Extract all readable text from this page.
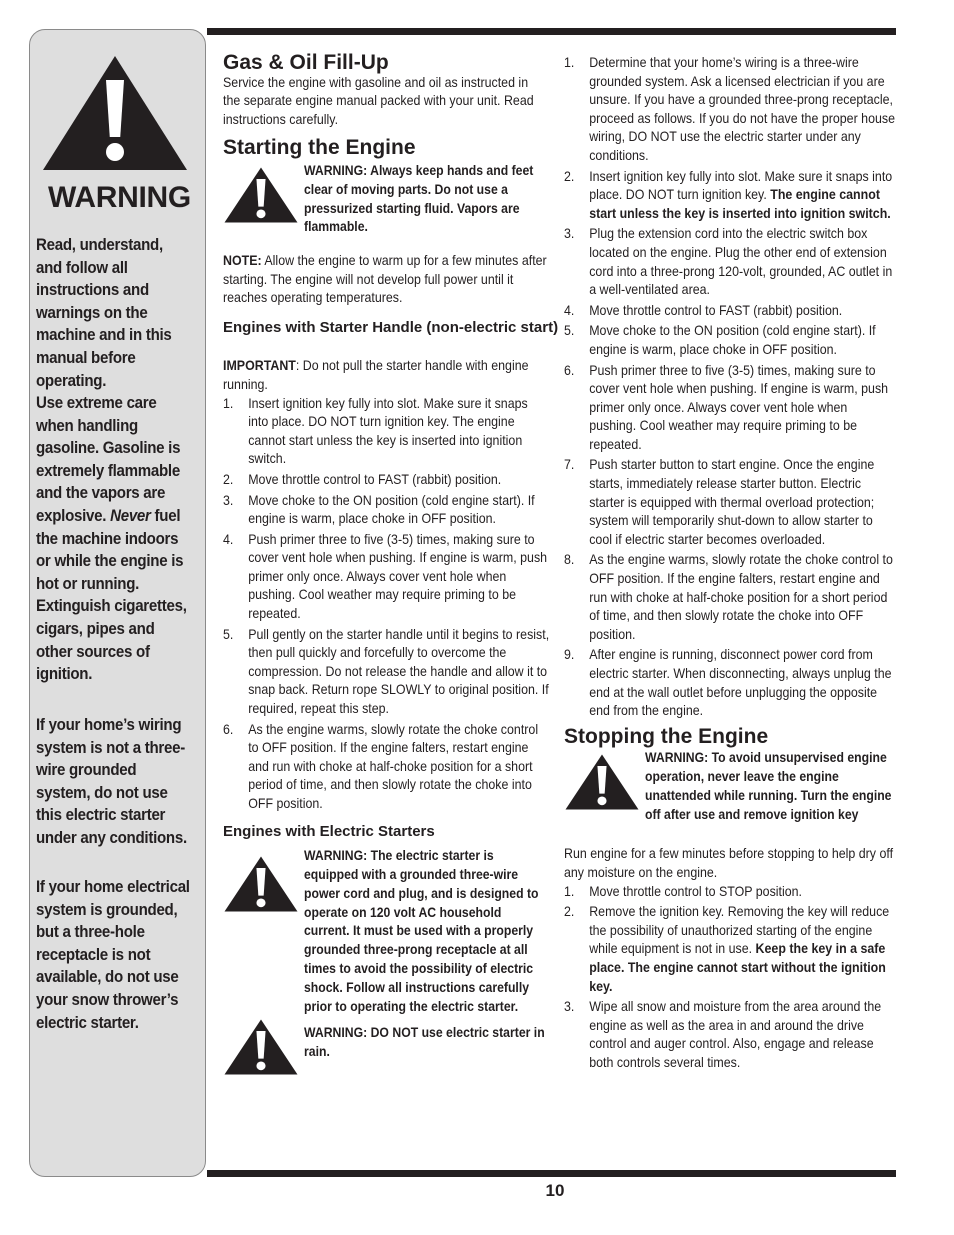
WARNING
Read, understand, and follow all instructions and warnings on the machine and in this manual before operating.
Use extreme care when handling gasoline. Gasoline is extremely flammable and the vapors are explosive. Never fuel the machine indoors or while the engine is hot or running. Extinguish cigarettes, cigars, pipes and other sources of ignition.
If your home’s wiring system is not a three-wire grounded system, do not use this electric starter under any conditions.
If your home electrical system is grounded, but a three-hole receptacle is not available, do not use your snow thrower’s electric starter.
Gas & Oil Fill-Up

Service the engine with gasoline and oil as instructed in the separate engine manual packed with your unit. Read instructions carefully.

Starting the Engine
WARNING: Always keep hands and feet clear of moving parts. Do not use a pressurized starting fluid. Vapors are flammable.

NOTE: Allow the engine to warm up for a few minutes after starting. The engine will not develop full power until it reaches operating temperatures.

Engines with Starter Handle (non-electric start)

IMPORTANT: Do not pull the starter handle with engine running.

1. Insert ignition key fully into slot. Make sure it snaps into place. DO NOT turn ignition key. The engine cannot start unless the key is inserted into ignition switch.
2. Move throttle control to FAST (rabbit) position.
3. Move choke to the ON position (cold engine start). If engine is warm, place choke in OFF position.
4. Push primer three to five (3-5) times, making sure to cover vent hole when pushing. If engine is warm, push primer only once. Always cover vent hole when pushing. Cool weather may require priming to be repeated.
5. Pull gently on the starter handle until it begins to resist, then pull quickly and forcefully to overcome the compression. Do not release the handle and allow it to snap back. Return rope SLOWLY to original position. If required, repeat this step.
6. As the engine warms, slowly rotate the choke control to OFF position. If the engine falters, restart engine and run with choke at half-choke position for a short period of time, and then slowly rotate the choke into OFF position.
Engines with Electric Starters
WARNING: The electric starter is equipped with a grounded three-wire power cord and plug, and is designed to operate on 120 volt AC household current. It must be used with a properly grounded three-prong receptacle at all times to avoid the possibility of electric shock. Follow all instructions carefully prior to operating the electric starter.
WARNING: DO NOT use electric starter in rain.
1. Determine that your home’s wiring is a three-wire grounded system. Ask a licensed electrician if you are unsure. If you have a grounded three-prong receptacle, proceed as follows. If you do not have the proper house wiring, DO NOT use the electric starter under any conditions.
2. Insert ignition key fully into slot. Make sure it snaps into place. DO NOT turn ignition key. The engine cannot start unless the key is inserted into ignition switch.
3. Plug the extension cord into the electric switch box located on the engine. Plug the other end of extension cord into a three-prong 120-volt, grounded, AC outlet in a well-ventilated area.
4. Move throttle control to FAST (rabbit) position.
5. Move choke to the ON position (cold engine start). If engine is warm, place choke in OFF position.
6. Push primer three to five (3-5) times, making sure to cover vent hole when pushing. If engine is warm, push primer only once. Always cover vent hole when pushing. Cool weather may require priming to be repeated.
7. Push starter button to start engine. Once the engine starts, immediately release starter button. Electric starter is equipped with thermal overload protection; system will temporarily shut-down to allow starter to cool if electric starter becomes overloaded.
8. As the engine warms, slowly rotate the choke control to OFF position. If the engine falters, restart engine and run with choke at half-choke position for a short period of time, and then slowly rotate the choke into OFF position.
9. After engine is running, disconnect power cord from electric starter. When disconnecting, always unplug the end at the wall outlet before unplugging the opposite end from the engine.
Stopping the Engine
WARNING: To avoid unsupervised engine operation, never leave the engine unattended while running. Turn the engine off after use and remove ignition key

Run engine for a few minutes before stopping to help dry off any moisture on the engine.

1. Move throttle control to STOP position.
2. Remove the ignition key. Removing the key will reduce the possibility of unauthorized starting of the engine while equipment is not in use. Keep the key in a safe place. The engine cannot start without the ignition key.
3. Wipe all snow and moisture from the area around the engine as well as the area in and around the drive control and auger control. Also, engage and release both controls several times.
10
